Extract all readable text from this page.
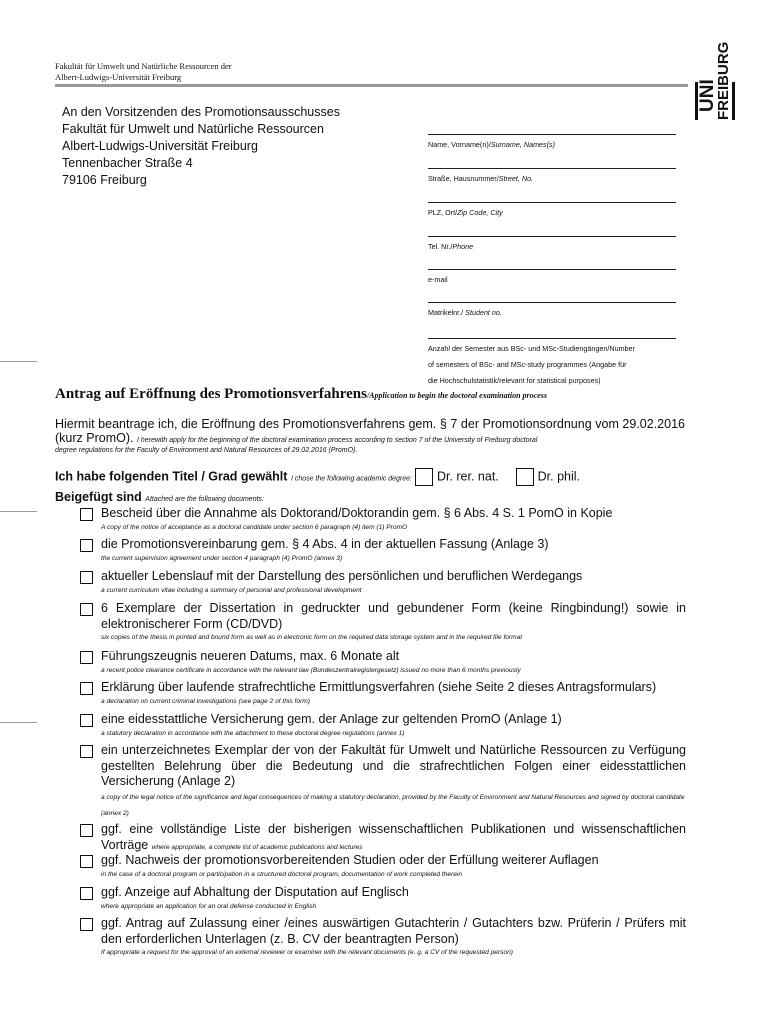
Fakultät für Umwelt und Natürliche Ressourcen der
Albert-Ludwigs-Universität Freiburg
UNI
FREIBURG
An den Vorsitzenden des Promotionsausschusses
Fakultät für Umwelt und Natürliche Ressourcen
Albert-Ludwigs-Universität Freiburg
Tennenbacher Straße 4
79106 Freiburg
Name, Vorname(n)/Surname, Names(s)
Straße, Hausnummer/Street, No.
PLZ, Ort/Zip Code, City
Tel. Nr./Phone
e-mail
Matrikelnr./ Student no.
Anzahl der Semester aus BSc- und MSc-Studiengängen/Number
of semesters of BSc- and MSc-study programmes (Angabe für
die Hochschulstatistik/relevant for statistical purposes)
Antrag auf Eröffnung des Promotionsverfahrens/Application to begin the doctoral examination process
Hiermit beantrage ich, die Eröffnung des Promotionsverfahrens gem. § 7 der Promotionsordnung vom 29.02.2016 (kurz PromO). I herewith apply for the beginning of the doctoral examination process according to section 7 of the University of Freiburg doctoral
degree regulations for the Faculty of Environment and Natural Resources of 29.02.2016 (PromO).
Ich habe folgenden Titel / Grad gewählt I chose the following academic degree: Dr. rer. nat.	Dr. phil.
Beigefügt sind Attached are the following documents:
Bescheid über die Annahme als Doktorand/Doktorandin gem. § 6 Abs. 4 S. 1 PomO in Kopie
A copy of the notice of acceptance as a doctoral candidate under section 6 paragraph (4) item (1) PromO
die Promotionsvereinbarung gem. § 4 Abs. 4 in der aktuellen Fassung (Anlage 3)
the current supervision agreement under section 4 paragraph (4) PromO (annex 3)
aktueller Lebenslauf mit der Darstellung des persönlichen und beruflichen Werdegangs
a current curriculum vitae including a summary of personal and professional development
6 Exemplare der Dissertation in gedruckter und gebundener Form (keine Ringbindung!) sowie in elektronischerer Form (CD/DVD)
six copies of the thesis in printed and bound form as well as in electronic form on the required data storage system and in the required file format
Führungszeugnis neueren Datums, max. 6 Monate alt
a recent police clearance certificate in accordance with the relevant law (Bundeszentralregistergesetz) issued no more than 6 months previously
Erklärung über laufende strafrechtliche Ermittlungsverfahren (siehe Seite 2 dieses Antragsformulars)
a declaration on current criminal investigations (see page 2 of this form)
eine eidesstattliche Versicherung gem. der Anlage zur geltenden PromO (Anlage 1)
a statutory declaration in accordance with the attachment to these doctoral degree regulations (annex 1)
ein unterzeichnetes Exemplar der von der Fakultät für Umwelt und Natürliche Ressourcen zu Verfügung gestellten Belehrung über die Bedeutung und die strafrechtlichen Folgen einer eidesstattlichen Versicherung (Anlage 2)
a copy of the legal notice of the significance and legal consequences of making a statutory declaration, provided by the Faculty of Environment and Natural Resources and signed by doctoral candidate (annex 2)
ggf. eine vollständige Liste der bisherigen wissenschaftlichen Publikationen und wissenschaftlichen Vorträge where appropriate, a complete list of academic publications and lectures
ggf. Nachweis der promotionsvorbereitenden Studien oder der Erfüllung weiterer Auflagen
in the case of a doctoral program or participation in a structured doctoral program, documentation of work completed therein
ggf. Anzeige auf Abhaltung der Disputation auf Englisch
where appropriate an application for an oral defense conducted in English
ggf. Antrag auf Zulassung einer /eines auswärtigen Gutachterin / Gutachters bzw. Prüferin / Prüfers mit den erforderlichen Unterlagen (z. B. CV der beantragten Person)
If appropriate a request for the approval of an external reviewer or examiner with the relevant documents (e. g. a CV of the requested person)
